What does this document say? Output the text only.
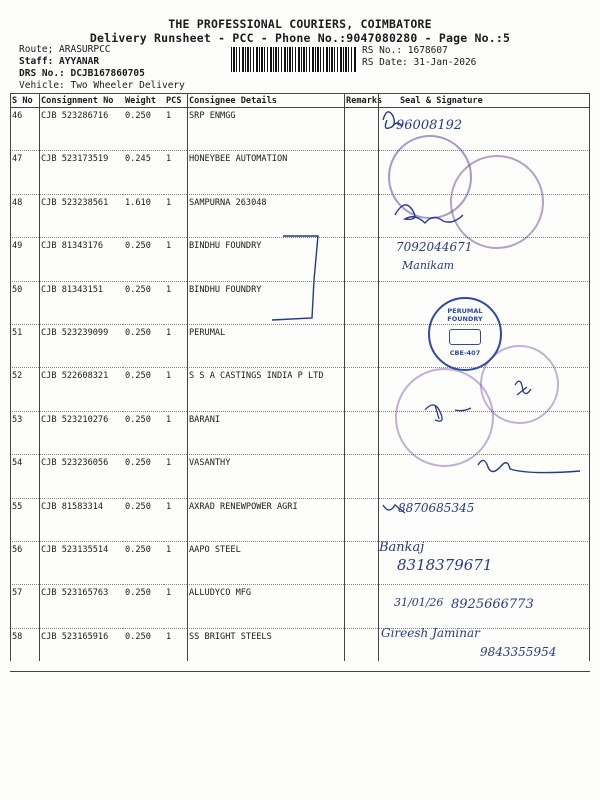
THE PROFESSIONAL COURIERS, COIMBATORE
Delivery Runsheet - PCC - Phone No.:9047080280 - Page No.:5
Route; ARASURPCC
Staff: AYYANAR
DRS No.: DCJB167860705
Vehicle: Two Wheeler Delivery
RS No.: 1678607
RS Date: 31-Jan-2026
S No	Consignment No	Weight	PCS	Consignee Details	Remarks	Seal & Signature
46	CJB 523286716	0.250	1	SRP ENMGG		
47	CJB 523173519	0.245	1	HONEYBEE AUTOMATION		
48	CJB 523238561	1.610	1	SAMPURNA 263048		
49	CJB 81343176	0.250	1	BINDHU FOUNDRY		
50	CJB 81343151	0.250	1	BINDHU FOUNDRY		
51	CJB 523239099	0.250	1	PERUMAL		
52	CJB 522608321	0.250	1	S S A CASTINGS INDIA P LTD		
53	CJB 523210276	0.250	1	BARANI		
54	CJB 523236056	0.250	1	VASANTHY		
55	CJB 81583314	0.250	1	AXRAD RENEWPOWER AGRI		
56	CJB 523135514	0.250	1	AAPO STEEL		
57	CJB 523165763	0.250	1	ALLUDYCO MFG		
58	CJB 523165916	0.250	1	SS BRIGHT STEELS		
PERUMAL FOUNDRY
CBE-407
96008192
7092044671
Manikam
8870685345
Bankaj
8318379671
31/01/26 8925666773
Gireesh Jaminar
9843355954
